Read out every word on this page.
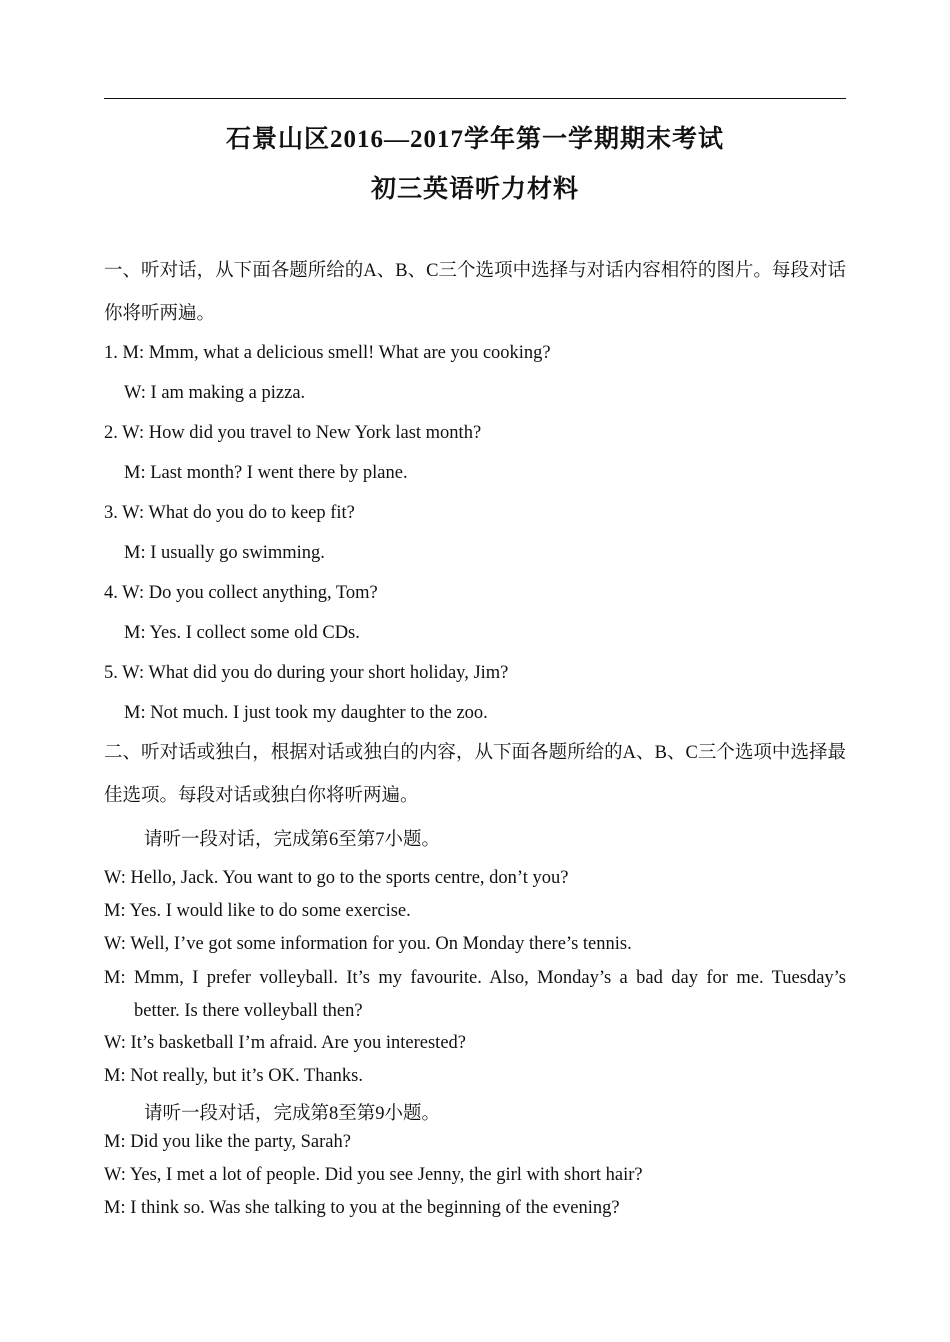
石景山区2016—2017学年第一学期期末考试
初三英语听力材料
一、听对话，从下面各题所给的A、B、C三个选项中选择与对话内容相符的图片。每段对话你将听两遍。
1. M: Mmm, what a delicious smell! What are you cooking?
W: I am making a pizza.
2. W: How did you travel to New York last month?
M: Last month? I went there by plane.
3. W: What do you do to keep fit?
M: I usually go swimming.
4. W: Do you collect anything, Tom?
M: Yes. I collect some old CDs.
5. W: What did you do during your short holiday, Jim?
M: Not much. I just took my daughter to the zoo.
二、听对话或独白，根据对话或独白的内容，从下面各题所给的A、B、C三个选项中选择最佳选项。每段对话或独白你将听两遍。
请听一段对话，完成第6至第7小题。
W: Hello, Jack. You want to go to the sports centre, don’t you?
M: Yes. I would like to do some exercise.
W: Well, I’ve got some information for you. On Monday there’s tennis.
M: Mmm, I prefer volleyball. It’s my favourite. Also, Monday’s a bad day for me. Tuesday’s
better. Is there volleyball then?
W: It’s basketball I’m afraid. Are you interested?
M: Not really, but it’s OK. Thanks.
请听一段对话，完成第8至第9小题。
M: Did you like the party, Sarah?
W: Yes, I met a lot of people. Did you see Jenny, the girl with short hair?
M: I think so. Was she talking to you at the beginning of the evening?
